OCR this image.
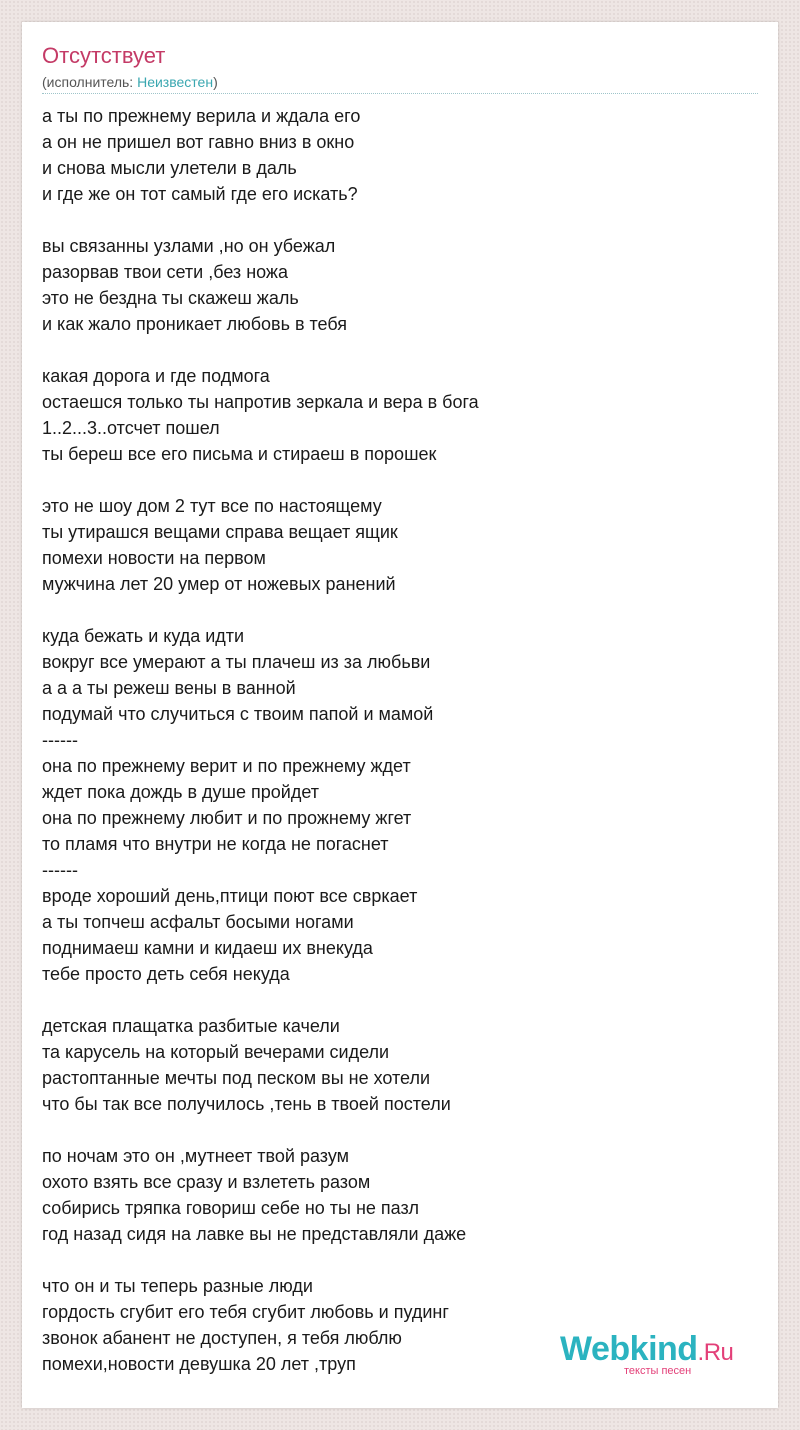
Отсутствует
(исполнитель: Неизвестен)
а ты по прежнему верила и ждала его
а он не пришел вот гавно вниз в окно
и снова мысли улетели в даль
и где же он тот самый где его искать?
вы связанны узлами ,но он убежал
разорвав твои сети ,без ножа
это не бездна ты скажеш жаль
и как жало проникает любовь в тебя
какая дорога и где подмога
остаешся только ты напротив зеркала и вера в бога
1..2...3..отсчет пошел
ты береш все его письма и стираеш в порошек
это не шоу дом 2 тут все по настоящему
ты утирашся вещами справа вещает ящик
помехи новости на первом
мужчина лет 20 умер от ножевых ранений
куда бежать и куда идти
вокруг все умерают а ты плачеш из за любьви
а а а ты режеш вены в ванной
подумай что случиться с твоим папой и мамой
------
она по прежнему верит и по прежнему ждет
ждет пока дождь в душе пройдет
она по прежнему любит и по прожнему жгет
то пламя что внутри не когда не погаснет
------
вроде хороший день,птици поют все свркает
а ты топчеш асфальт босыми ногами
поднимаеш камни и кидаеш их внекуда
тебе просто деть себя некуда
детская плащатка разбитые качели
та карусель на который вечерами сидели
растоптанные мечты под песком вы не хотели
что бы так все получилось ,тень в твоей постели
по ночам это он ,мутнеет твой разум
охото взять все сразу и взлететь разом
собирись тряпка говориш себе но ты не пазл
год назад сидя на лавке вы не представляли даже
что он и ты теперь разные люди
гордость сгубит его тебя сгубит любовь и пудинг
звонок абанент не доступен, я тебя люблю
помехи,новости девушка 20 лет ,труп	Webkind.Ru
тексты песен
